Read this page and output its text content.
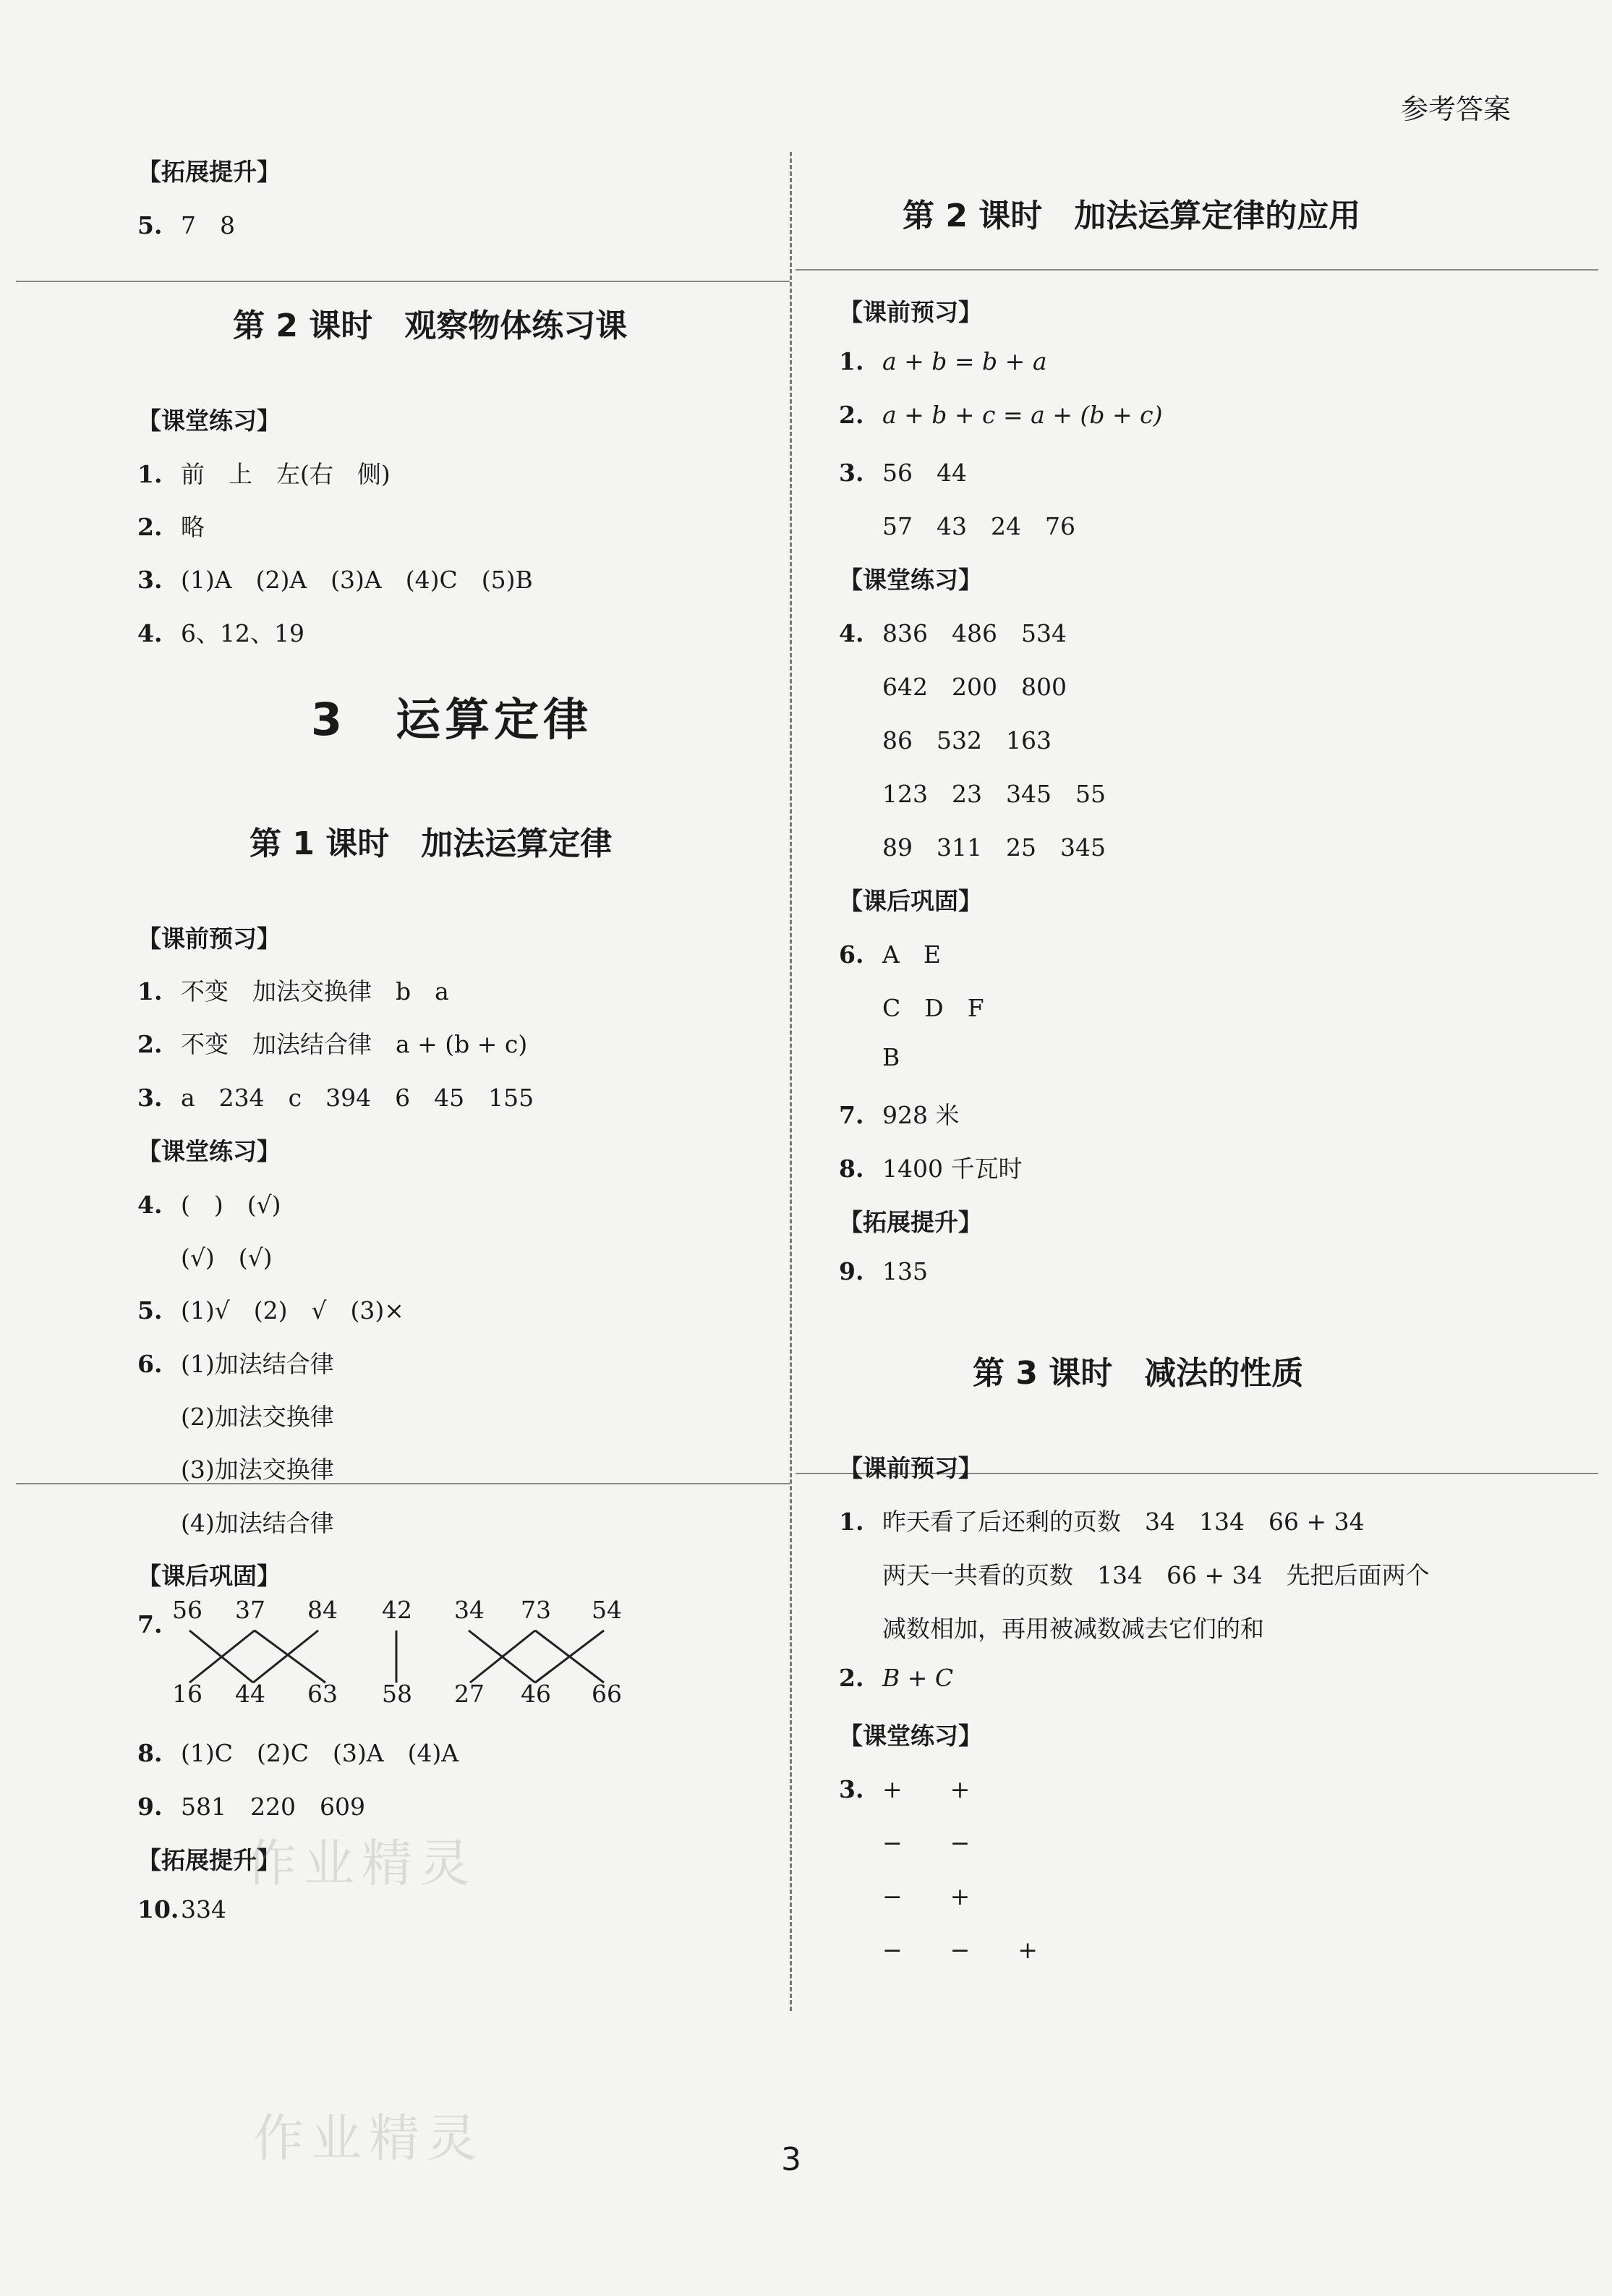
参考答案
【拓展提升】
5. 7　8
第 2 课时　观察物体练习课
【课堂练习】
1. 前　上　左(右　侧)
2. 略
3. (1)A　(2)A　(3)A　(4)C　(5)B
4. 6、12、19
3　运算定律
第 1 课时　加法运算定律
【课前预习】
1. 不变　加法交换律　b　a
2. 不变　加法结合律　a + (b + c)
3. a　234　c　394　6　45　155
【课堂练习】
4. (　)　(√)
(√)　(√)
5. (1)√　(2)　√　(3)×
6. (1)加法结合律
(2)加法交换律
(3)加法交换律
(4)加法结合律
【课后巩固】
7.
56 37 84 42 34 73 54
16 44 63 58 27 46 66
8. (1)C　(2)C　(3)A　(4)A
9. 581　220　609
【拓展提升】
10.334
第 2 课时　加法运算定律的应用
【课前预习】
1. a + b = b + a
2. a + b + c = a + (b + c)
3. 56　44
57　43　24　76
【课堂练习】
4. 836　486　534
642　200　800
86　532　163
123　23　345　55
89　311　25　345
【课后巩固】
6. A　E
C　D　F
B
7. 928 米
8. 1400 千瓦时
【拓展提升】
9. 135
第 3 课时　减法的性质
【课前预习】
1. 昨天看了后还剩的页数　34　134　66 + 34
两天一共看的页数　134　66 + 34　先把后面两个
减数相加，再用被减数减去它们的和
2. B + C
【课堂练习】
3. +　　+
−　　−
−　　+
−　　−　　+
作业精灵
作业精灵	3
